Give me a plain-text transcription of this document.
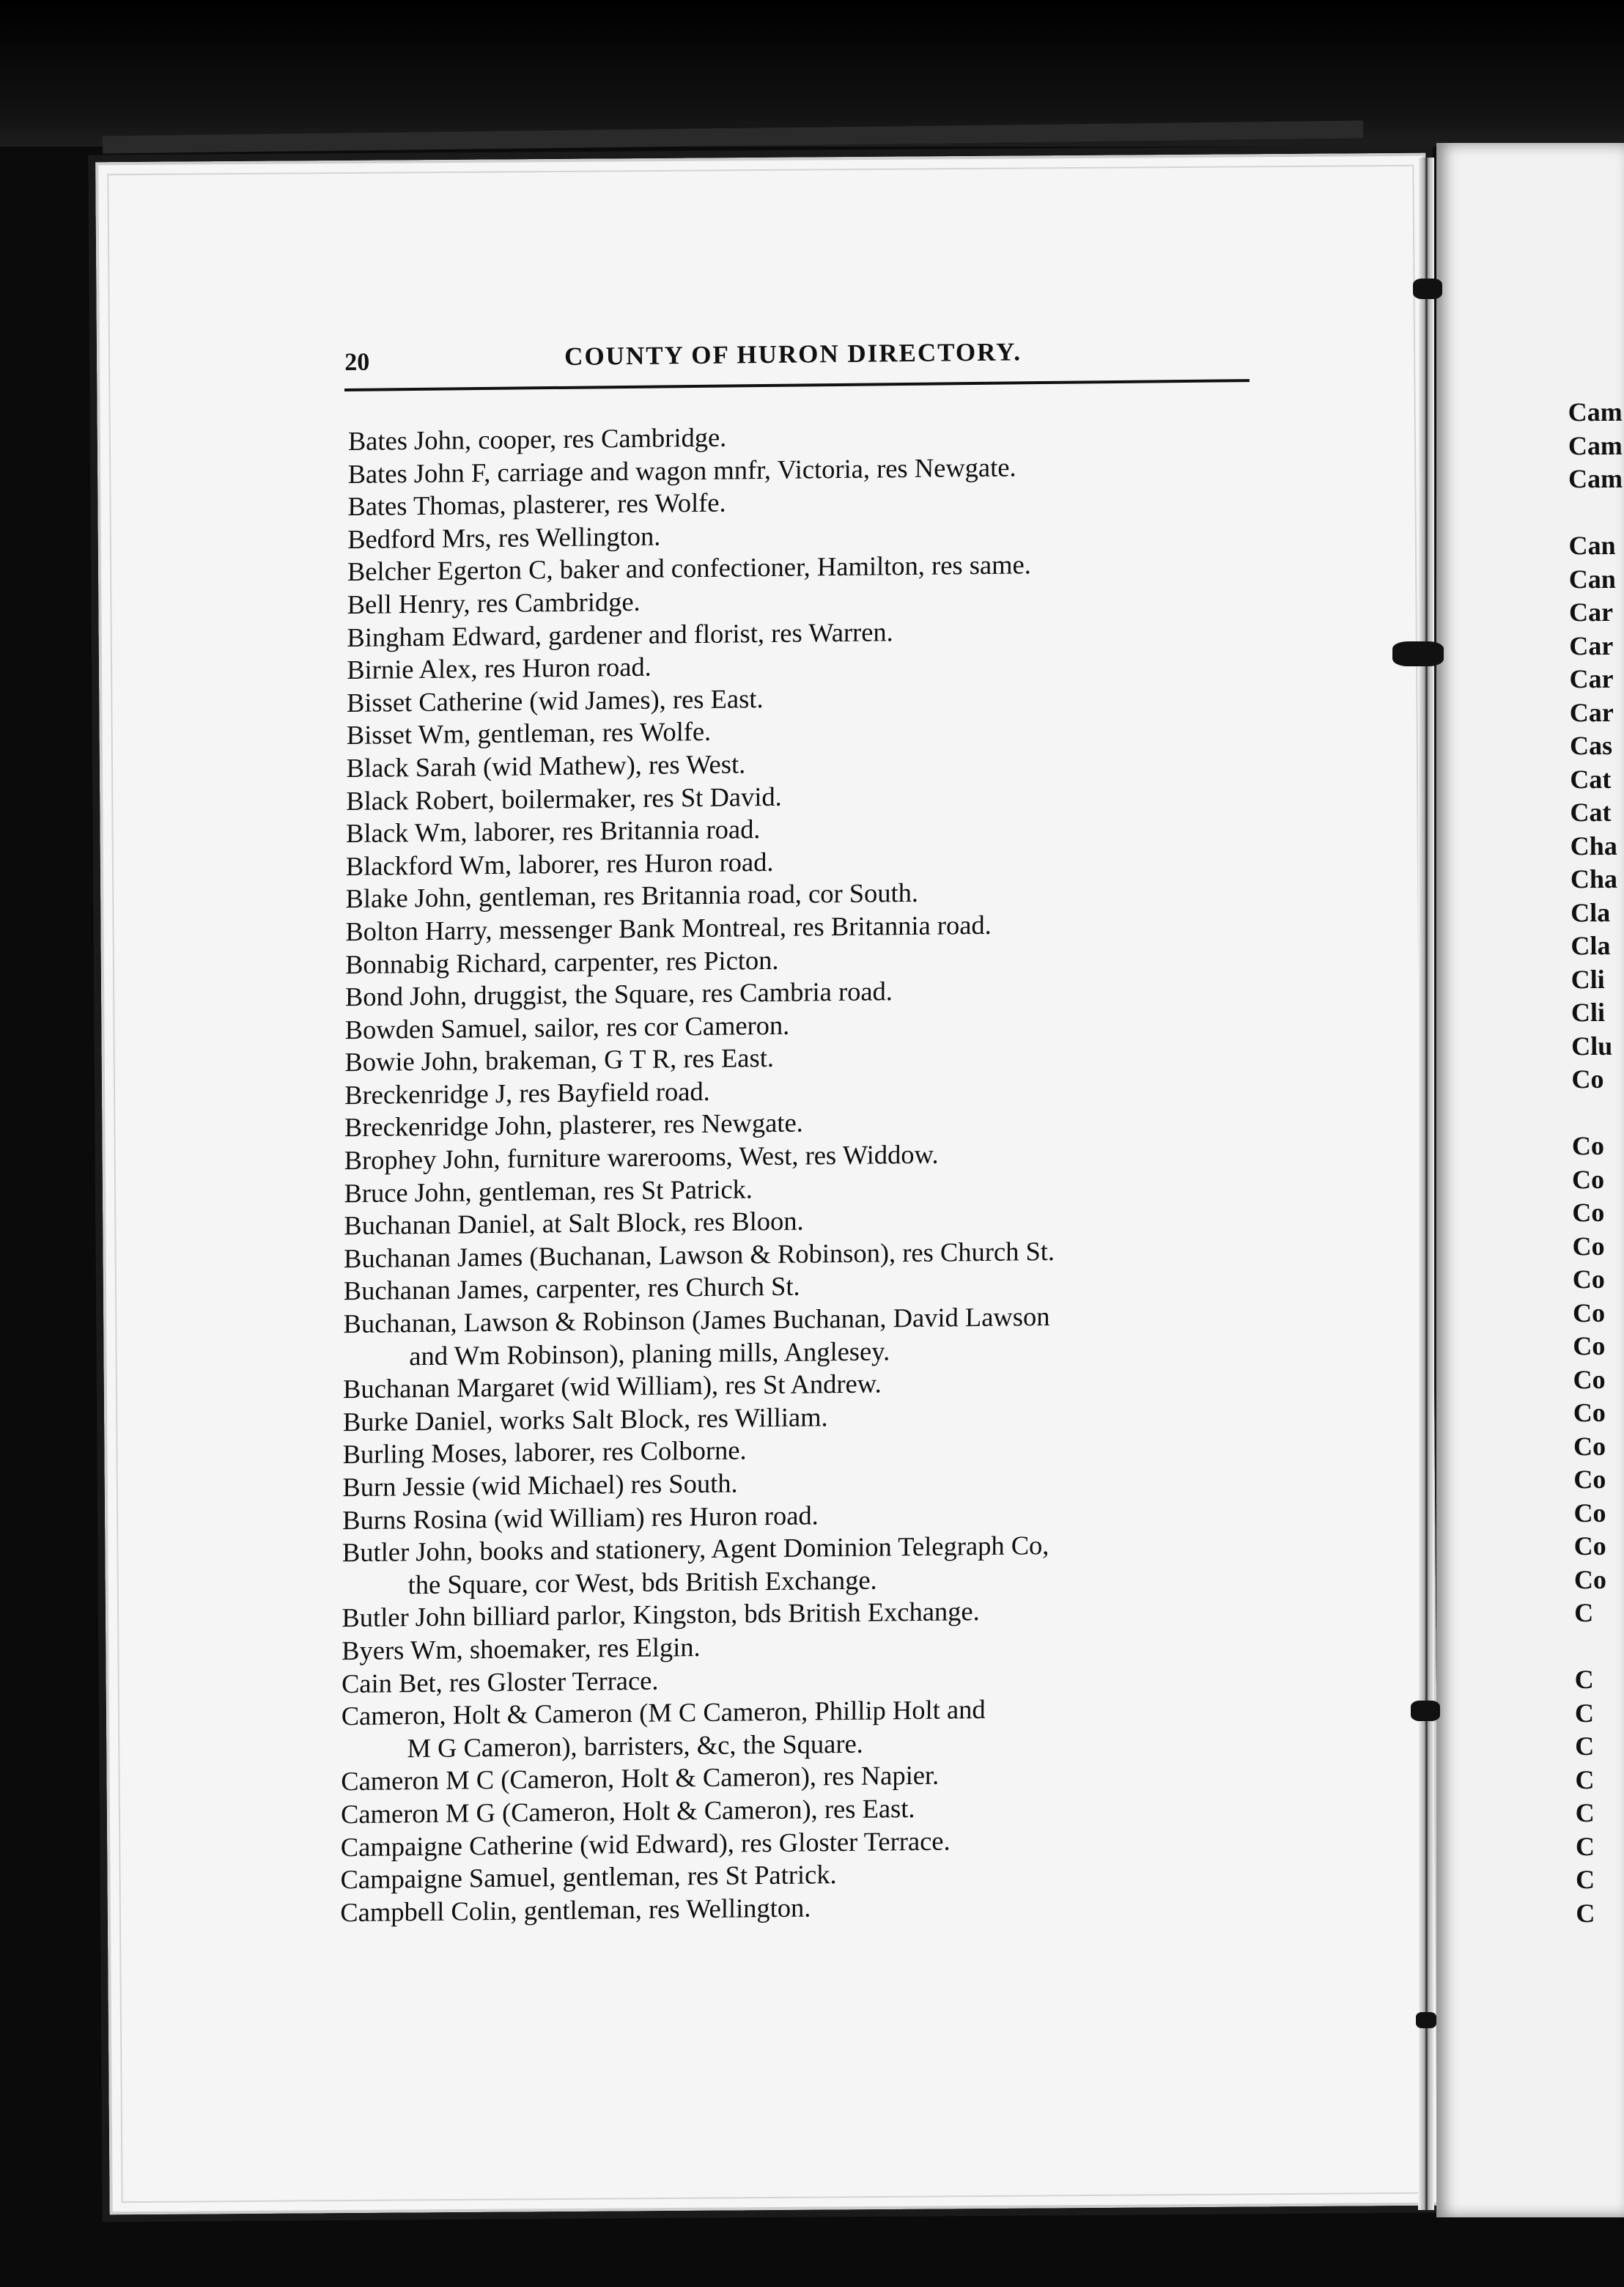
20	COUNTY OF HURON DIRECTORY.
Bates John, cooper, res Cambridge.
Bates John F, carriage and wagon mnfr, Victoria, res Newgate.
Bates Thomas, plasterer, res Wolfe.
Bedford Mrs, res Wellington.
Belcher Egerton C, baker and confectioner, Hamilton, res same.
Bell Henry, res Cambridge.
Bingham Edward, gardener and florist, res Warren.
Birnie Alex, res Huron road.
Bisset Catherine (wid James), res East.
Bisset Wm, gentleman, res Wolfe.
Black Sarah (wid Mathew), res West.
Black Robert, boilermaker, res St David.
Black Wm, laborer, res Britannia road.
Blackford Wm, laborer, res Huron road.
Blake John, gentleman, res Britannia road, cor South.
Bolton Harry, messenger Bank Montreal, res Britannia road.
Bonnabig Richard, carpenter, res Picton.
Bond John, druggist, the Square, res Cambria road.
Bowden Samuel, sailor, res cor Cameron.
Bowie John, brakeman, G T R, res East.
Breckenridge J, res Bayfield road.
Breckenridge John, plasterer, res Newgate.
Brophey John, furniture warerooms, West, res Widdow.
Bruce John, gentleman, res St Patrick.
Buchanan Daniel, at Salt Block, res Bloon.
Buchanan James (Buchanan, Lawson & Robinson), res Church St.
Buchanan James, carpenter, res Church St.
Buchanan, Lawson & Robinson (James Buchanan, David Lawson
and Wm Robinson), planing mills, Anglesey.
Buchanan Margaret (wid William), res St Andrew.
Burke Daniel, works Salt Block, res William.
Burling Moses, laborer, res Colborne.
Burn Jessie (wid Michael) res South.
Burns Rosina (wid William) res Huron road.
Butler John, books and stationery, Agent Dominion Telegraph Co,
the Square, cor West, bds British Exchange.
Butler John billiard parlor, Kingston, bds British Exchange.
Byers Wm, shoemaker, res Elgin.
Cain Bet, res Gloster Terrace.
Cameron, Holt & Cameron (M C Cameron, Phillip Holt and
M G Cameron), barristers, &c, the Square.
Cameron M C (Cameron, Holt & Cameron), res Napier.
Cameron M G (Cameron, Holt & Cameron), res East.
Campaigne Catherine (wid Edward), res Gloster Terrace.
Campaigne Samuel, gentleman, res St Patrick.
Campbell Colin, gentleman, res Wellington.
Cam
Cam
Cam
Can
Can
Car
Car
Car
Car
Cas
Cat
Cat
Cha
Cha
Cla
Cla
Cli
Cli
Clu
Co
Co
Co
Co
Co
Co
Co
Co
Co
Co
Co
Co
Co
Co
Co
C
C
C
C
C
C
C
C
C
